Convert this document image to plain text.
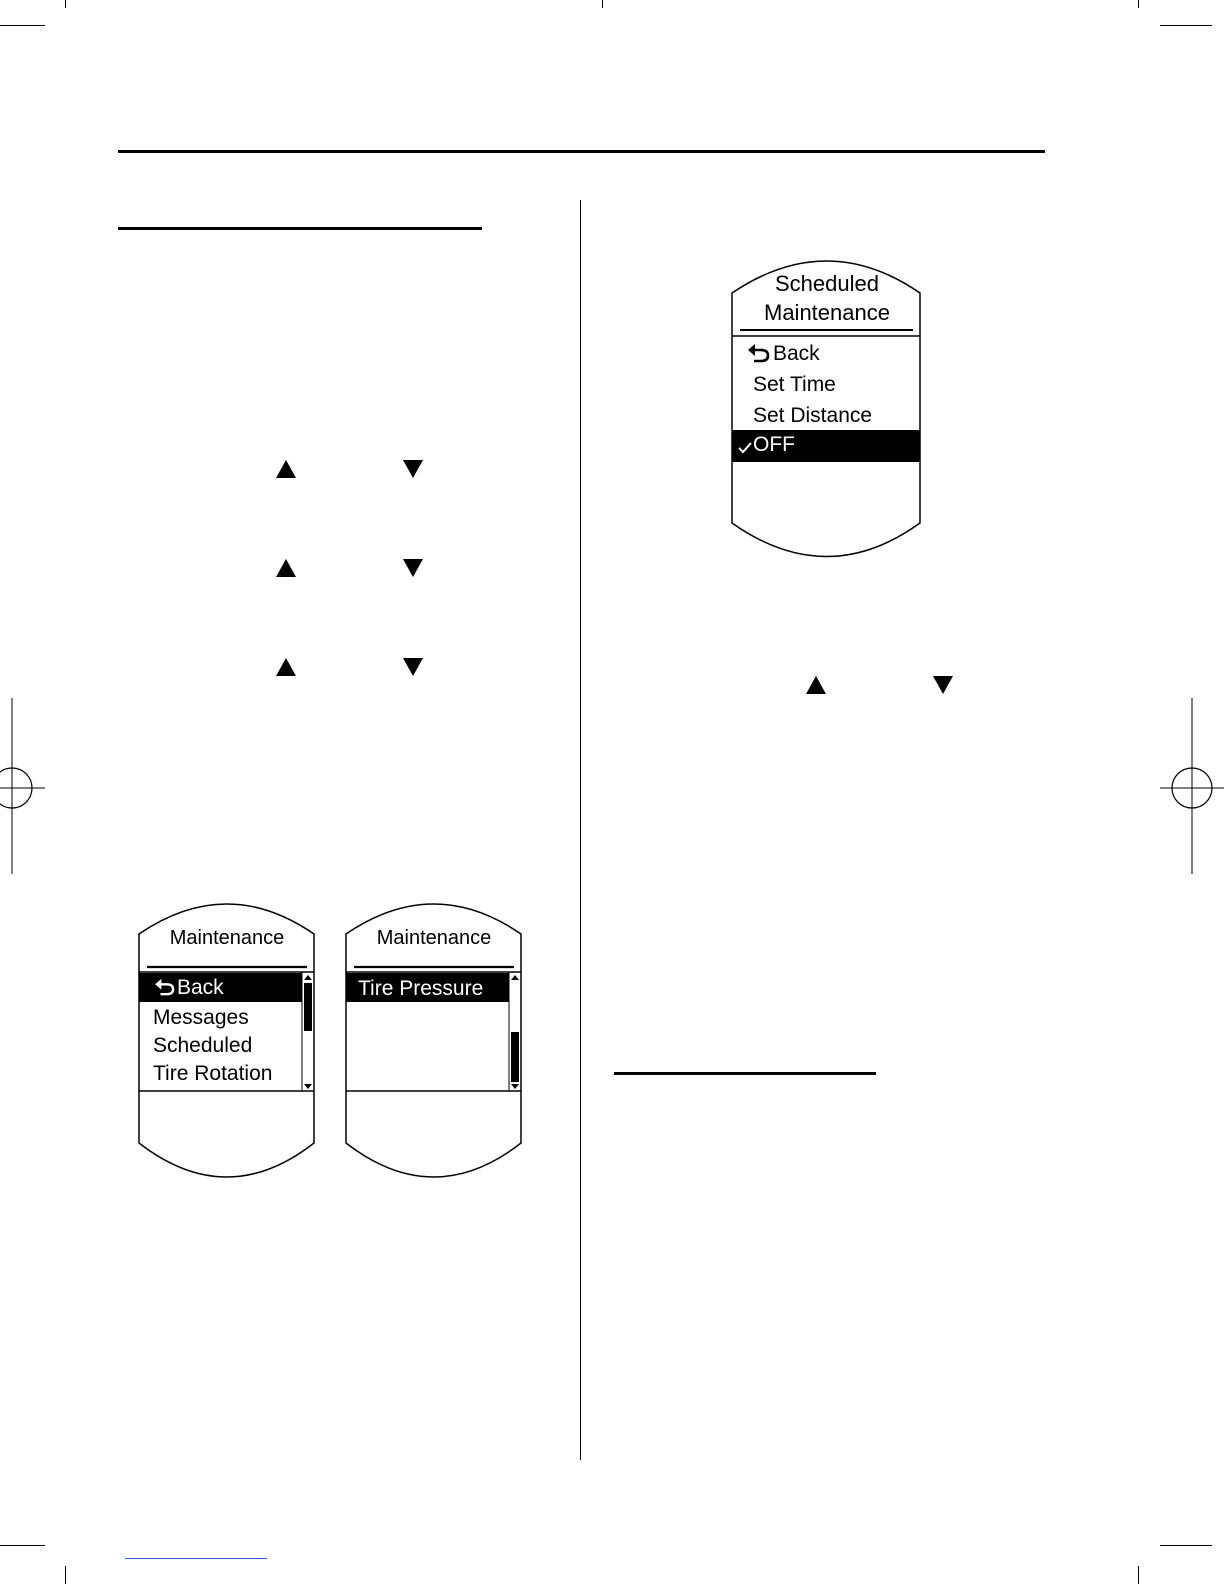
Scheduled
Maintenance
Back
Set Time
Set Distance
OFF
Maintenance
Back
Messages
Scheduled
Tire Rotation
Maintenance
Tire Pressure
